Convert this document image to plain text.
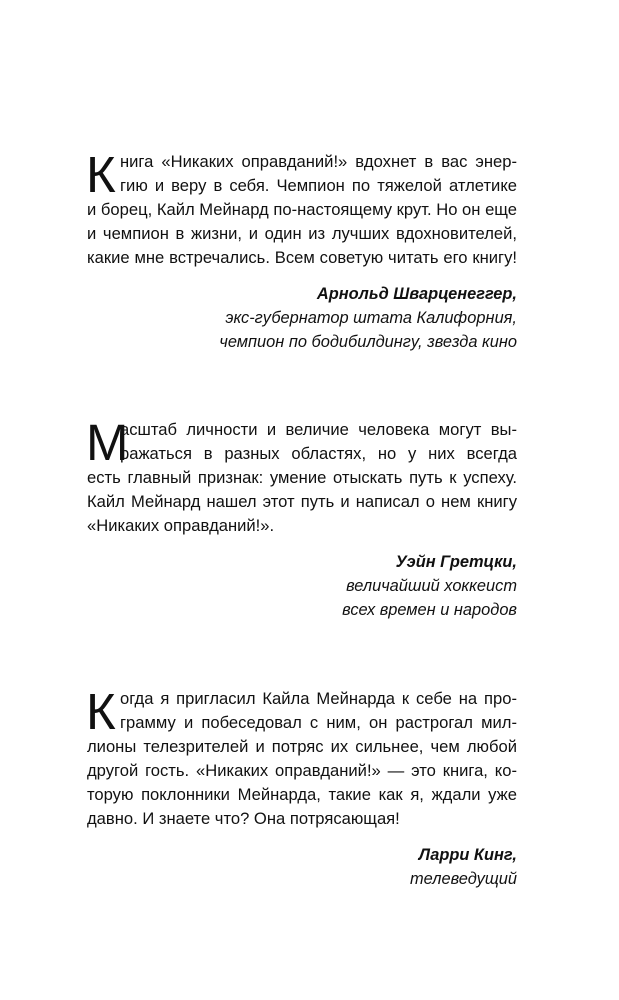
К нига «Никаких оправданий!» вдохнет в вас энер-
гию и веру в себя. Чемпион по тяжелой атлетике
и борец, Кайл Мейнард по-настоящему крут. Но он еще
и чемпион в жизни, и один из лучших вдохновителей,
какие мне встречались. Всем советую читать его книгу!
Арнольд Шварценеггер,
экс-губернатор штата Калифорния,
чемпион по бодибилдингу, звезда кино
М
асштаб личности и величие человека могут вы-
ражаться в разных областях, но у них всегда
есть главный признак: умение отыскать путь к успеху.
Кайл Мейнард нашел этот путь и написал о нем книгу
«Никаких оправданий!».
Уэйн Гретцки,
величайший хоккеист
всех времен и народов
К огда я пригласил Кайла Мейнарда к себе на про-
грамму и побеседовал с ним, он растрогал мил-
лионы телезрителей и потряс их сильнее, чем любой
другой гость. «Никаких оправданий!» — это книга, ко-
торую поклонники Мейнарда, такие как я, ждали уже
давно. И знаете что? Она потрясающая!
Ларри Кинг,
телеведущий
